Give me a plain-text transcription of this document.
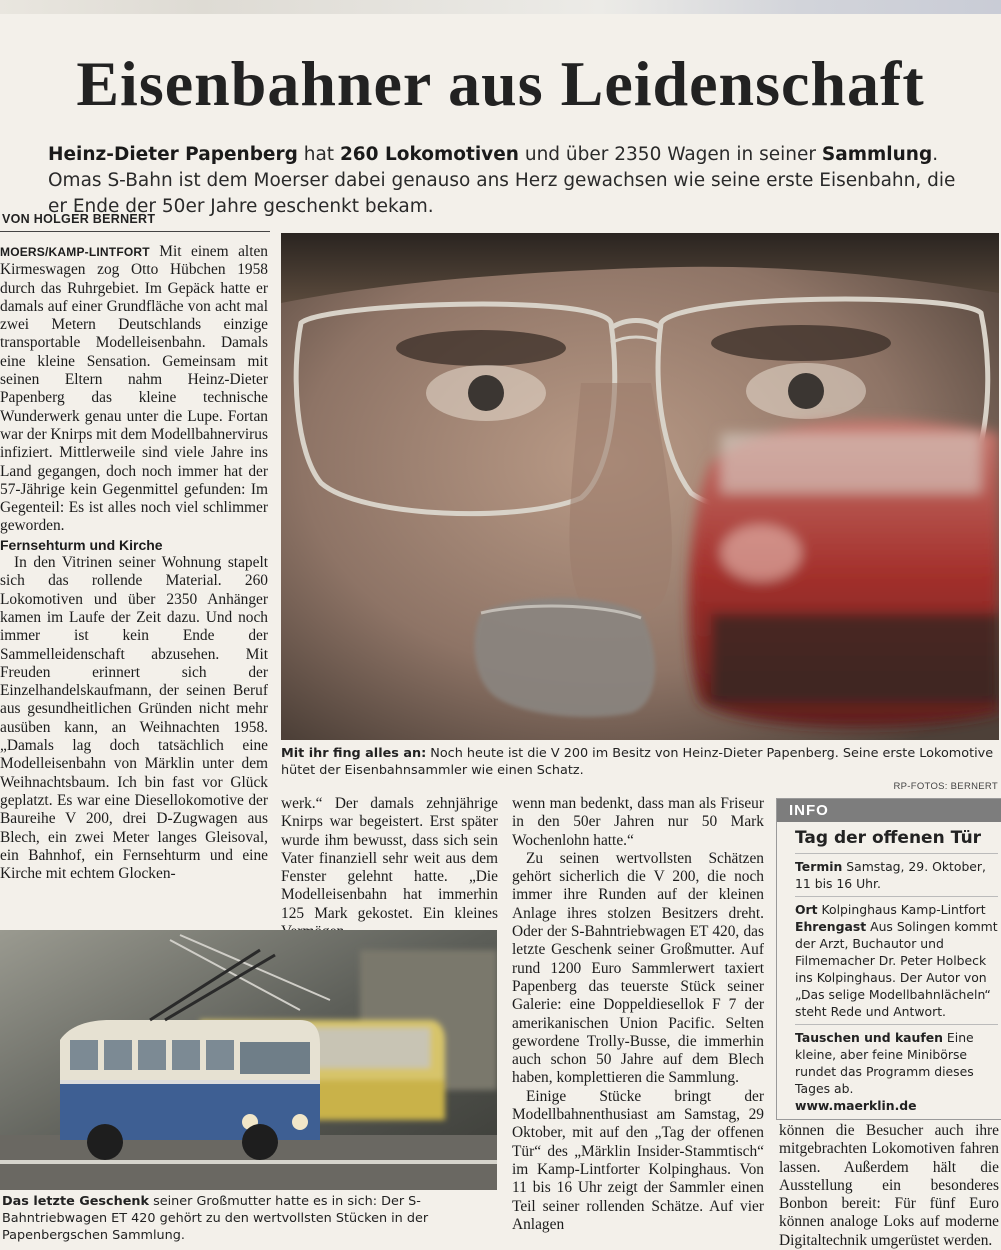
Eisenbahner aus Leidenschaft
Heinz-Dieter Papenberg hat 260 Lokomotiven und über 2350 Wagen in seiner Sammlung. Omas S-Bahn ist dem Moerser dabei genauso ans Herz gewachsen wie seine erste Eisenbahn, die er Ende der 50er Jahre geschenkt bekam.
VON HOLGER BERNERT

MOERS/KAMP-LINTFORT Mit einem alten Kirmeswagen zog Otto Hübchen 1958 durch das Ruhrgebiet. Im Gepäck hatte er damals auf einer Grundfläche von acht mal zwei Metern Deutschlands einzige transportable Modelleisenbahn. Damals eine kleine Sensation. Gemeinsam mit seinen Eltern nahm Heinz-Dieter Papenberg das kleine technische Wunderwerk genau unter die Lupe. Fortan war der Knirps mit dem Modellbahnervirus infiziert. Mittlerweile sind viele Jahre ins Land gegangen, doch noch immer hat der 57-Jährige kein Gegenmittel gefunden: Im Gegenteil: Es ist alles noch viel schlimmer geworden.

Fernsehturm und Kirche

In den Vitrinen seiner Wohnung stapelt sich das rollende Material. 260 Lokomotiven und über 2350 Anhänger kamen im Laufe der Zeit dazu. Und noch immer ist kein Ende der Sammelleidenschaft abzusehen. Mit Freuden erinnert sich der Einzelhandelskaufmann, der seinen Beruf aus gesundheitlichen Gründen nicht mehr ausüben kann, an Weihnachten 1958. „Damals lag doch tatsächlich eine Modelleisenbahn von Märklin unter dem Weihnachtsbaum. Ich bin fast vor Glück geplatzt. Es war eine Diesellokomotive der Baureihe V 200, drei D-Zugwagen aus Blech, ein zwei Meter langes Gleisoval, ein Bahnhof, ein Fernsehturm und eine Kirche mit echtem Glocken-

Mit ihr fing alles an: Noch heute ist die V 200 im Besitz von Heinz-Dieter Papenberg. Seine erste Lokomotive hütet der Eisenbahnsammler wie einen Schatz.
RP-FOTOS: BERNERT

werk.“ Der damals zehnjährige Knirps war begeistert. Erst später wurde ihm bewusst, dass sich sein Vater finanziell sehr weit aus dem Fenster gelehnt hatte. „Die Modelleisenbahn hat immerhin 125 Mark gekostet. Ein kleines

Das letzte Geschenk seiner Großmutter hatte es in sich: Der S-Bahntriebwagen ET 420 gehört zu den wertvollsten Stücken in der Papenbergschen Sammlung.

wenn man bedenkt, dass man als Friseur in den 50er Jahren nur 50 Mark Wochenlohn hatte.“

Zu seinen wertvollsten Schätzen gehört sicherlich die V 200, die noch immer ihre Runden auf der kleinen Anlage ihres stolzen Besitzers dreht. Oder der S-Bahntriebwagen ET 420, das letzte Geschenk seiner Großmutter. Auf rund 1200 Euro Sammlerwert taxiert Papenberg das teuerste Stück seiner Galerie: eine Doppeldiesellok F 7 der amerikanischen Union Pacific. Selten gewordene Trolly-Busse, die immerhin auch schon 50 Jahre auf dem Blech haben, komplettieren die Sammlung.

Einige Stücke bringt der Modellbahnenthusiast am Samstag, 29 Oktober, mit auf den „Tag der offenen Tür“ des „Märklin Insider-Stammtisch“ im Kamp-Lintforter Kolpinghaus. Von 11 bis 16 Uhr zeigt der Sammler einen Teil seiner rollenden Schätze. Auf vier Anlagen

INFO
Tag der offenen Tür
Termin Samstag, 29. Oktober, 11 bis 16 Uhr.
Ort Kolpinghaus Kamp-Lintfort
Ehrengast Aus Solingen kommt der Arzt, Buchautor und Filmemacher Dr. Peter Holbeck ins Kolpinghaus. Der Autor von „Das selige Modellbahnlächeln“ steht Rede und Antwort.
Tauschen und kaufen Eine kleine, aber feine Minibörse rundet das Programm dieses Tages ab.
www.maerklin.de

können die Besucher auch ihre mitgebrachten Lokomotiven fahren lassen. Außerdem hält die Ausstellung ein besonderes Bonbon bereit: Für fünf Euro können analoge Loks auf moderne Digitaltechnik umgerüstet werden.
